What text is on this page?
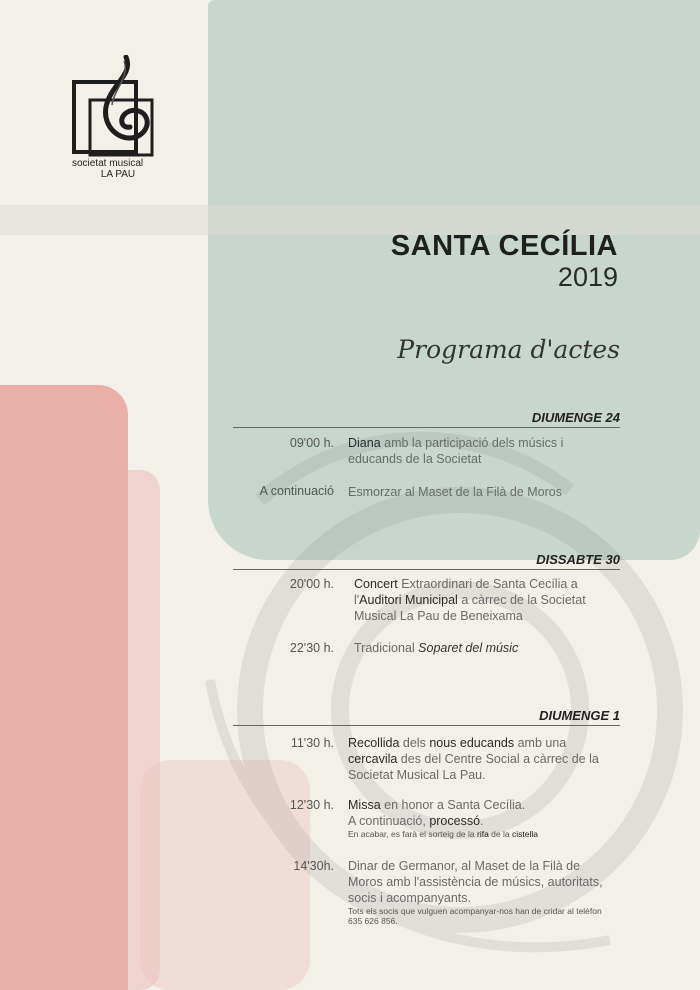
societat musical
LA PAU
SANTA CECÍLIA
2019
Programa d'actes
DIUMENGE 24
09'00 h. Diana amb la participació dels músics i educands de la Societat
A continuació Esmorzar al Maset de la Filà de Moros
DISSABTE 30
20'00 h. Concert Extraordinari de Santa Cecília a l'Auditori Municipal a càrrec de la Societat Musical La Pau de Beneixama
22'30 h. Tradicional Soparet del músic
DIUMENGE 1
11'30 h. Recollida dels nous educands amb una cercavila des del Centre Social a càrrec de la Societat Musical La Pau.
12'30 h. Missa en honor a Santa Cecília.
A continuació, processó.
En acabar, es farà el sorteig de la rifa de la cistella
14'30h. Dinar de Germanor, al Maset de la Filà de Moros amb l'assistència de músics, autoritats, socis i acompanyants.
Tots els socis que vulguen acompanyar-nos han de cridar al telèfon 635 626 856.
